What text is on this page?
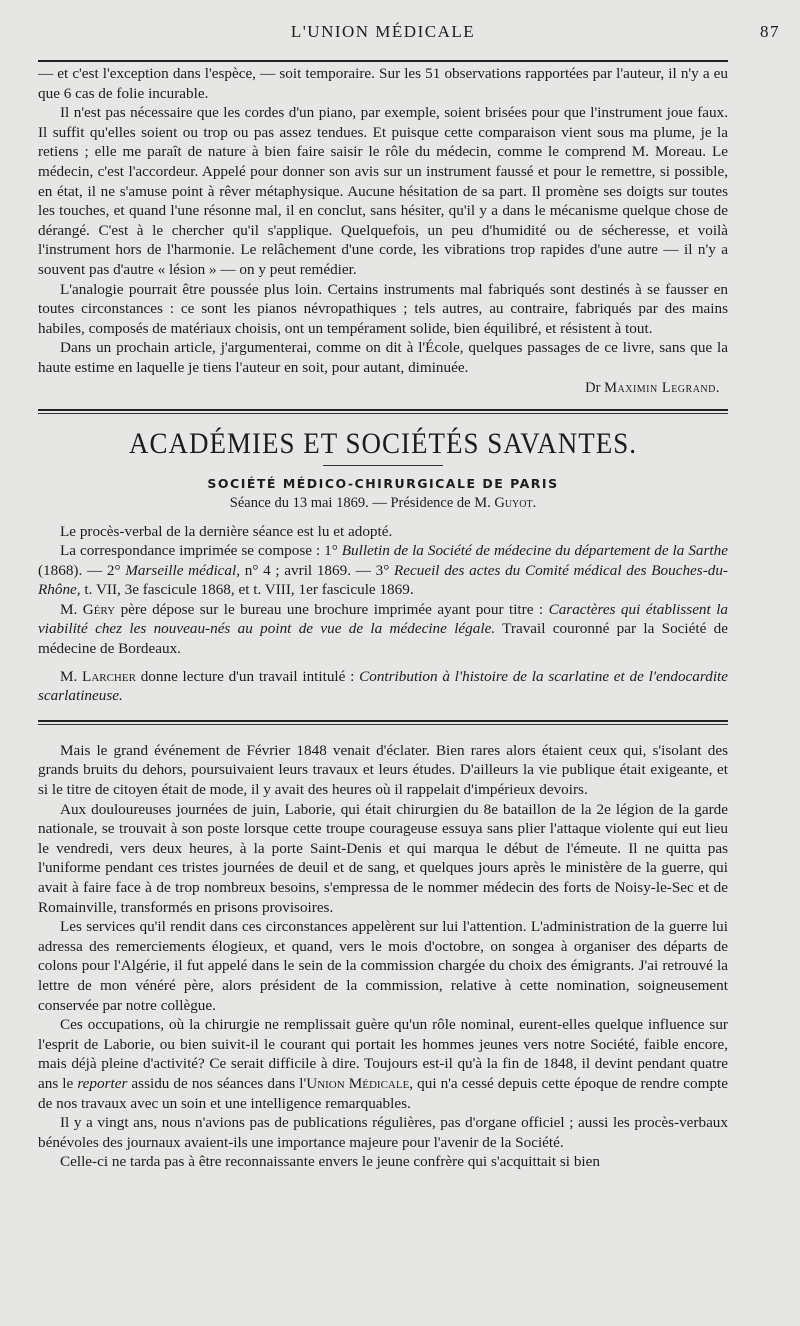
L'UNION MÉDICALE	87

— et c'est l'exception dans l'espèce, — soit temporaire. Sur les 51 observations rapportées par l'auteur, il n'y a eu que 6 cas de folie incurable.

Il n'est pas nécessaire que les cordes d'un piano, par exemple, soient brisées pour que l'instrument joue faux. Il suffit qu'elles soient ou trop ou pas assez tendues. Et puisque cette comparaison vient sous ma plume, je la retiens ; elle me paraît de nature à bien faire saisir le rôle du médecin, comme le comprend M. Moreau. Le médecin, c'est l'accordeur. Appelé pour donner son avis sur un instrument faussé et pour le remettre, si possible, en état, il ne s'amuse point à rêver métaphysique. Aucune hésitation de sa part. Il promène ses doigts sur toutes les touches, et quand l'une résonne mal, il en conclut, sans hésiter, qu'il y a dans le mécanisme quelque chose de dérangé. C'est à le chercher qu'il s'applique. Quelquefois, un peu d'humidité ou de sécheresse, et voilà l'instrument hors de l'harmonie. Le relâchement d'une corde, les vibrations trop rapides d'une autre — il n'y a souvent pas d'autre « lésion » — on y peut remédier.

L'analogie pourrait être poussée plus loin. Certains instruments mal fabriqués sont destinés à se fausser en toutes circonstances : ce sont les pianos névropathiques ; tels autres, au contraire, fabriqués par des mains habiles, composés de matériaux choisis, ont un tempérament solide, bien équilibré, et résistent à tout.

Dans un prochain article, j'argumenterai, comme on dit à l'École, quelques passages de ce livre, sans que la haute estime en laquelle je tiens l'auteur en soit, pour autant, diminuée.

Dr Maximin Legrand.
ACADÉMIES ET SOCIÉTÉS SAVANTES.
SOCIÉTÉ MÉDICO-CHIRURGICALE DE PARIS
Séance du 13 mai 1869. — Présidence de M. Guyot.

Le procès-verbal de la dernière séance est lu et adopté.

La correspondance imprimée se compose : 1° Bulletin de la Société de médecine du département de la Sarthe (1868). — 2° Marseille médical, n° 4 ; avril 1869. — 3° Recueil des actes du Comité médical des Bouches-du-Rhône, t. VII, 3e fascicule 1868, et t. VIII, 1er fascicule 1869.

M. Géry père dépose sur le bureau une brochure imprimée ayant pour titre : Caractères qui établissent la viabilité chez les nouveau-nés au point de vue de la médecine légale. Travail couronné par la Société de médecine de Bordeaux.

M. Larcher donne lecture d'un travail intitulé : Contribution à l'histoire de la scarlatine et de l'endocardite scarlatineuse.

Mais le grand événement de Février 1848 venait d'éclater. Bien rares alors étaient ceux qui, s'isolant des grands bruits du dehors, poursuivaient leurs travaux et leurs études. D'ailleurs la vie publique était exigeante, et si le titre de citoyen était de mode, il y avait des heures où il rappelait d'impérieux devoirs.

Aux douloureuses journées de juin, Laborie, qui était chirurgien du 8e bataillon de la 2e légion de la garde nationale, se trouvait à son poste lorsque cette troupe courageuse essuya sans plier l'attaque violente qui eut lieu le vendredi, vers deux heures, à la porte Saint-Denis et qui marqua le début de l'émeute. Il ne quitta pas l'uniforme pendant ces tristes journées de deuil et de sang, et quelques jours après le ministère de la guerre, qui avait à faire face à de trop nombreux besoins, s'empressa de le nommer médecin des forts de Noisy-le-Sec et de Romainville, transformés en prisons provisoires.

Les services qu'il rendit dans ces circonstances appelèrent sur lui l'attention. L'administration de la guerre lui adressa des remerciements élogieux, et quand, vers le mois d'octobre, on songea à organiser des départs de colons pour l'Algérie, il fut appelé dans le sein de la commission chargée du choix des émigrants. J'ai retrouvé la lettre de mon vénéré père, alors président de la commission, relative à cette nomination, soigneusement conservée par notre collègue.

Ces occupations, où la chirurgie ne remplissait guère qu'un rôle nominal, eurent-elles quelque influence sur l'esprit de Laborie, ou bien suivit-il le courant qui portait les hommes jeunes vers notre Société, faible encore, mais déjà pleine d'activité? Ce serait difficile à dire. Toujours est-il qu'à la fin de 1848, il devint pendant quatre ans le reporter assidu de nos séances dans l'Union Médicale, qui n'a cessé depuis cette époque de rendre compte de nos travaux avec un soin et une intelligence remarquables.

Il y a vingt ans, nous n'avions pas de publications régulières, pas d'organe officiel ; aussi les procès-verbaux bénévoles des journaux avaient-ils une importance majeure pour l'avenir de la Société.

Celle-ci ne tarda pas à être reconnaissante envers le jeune confrère qui s'acquittait si bien
